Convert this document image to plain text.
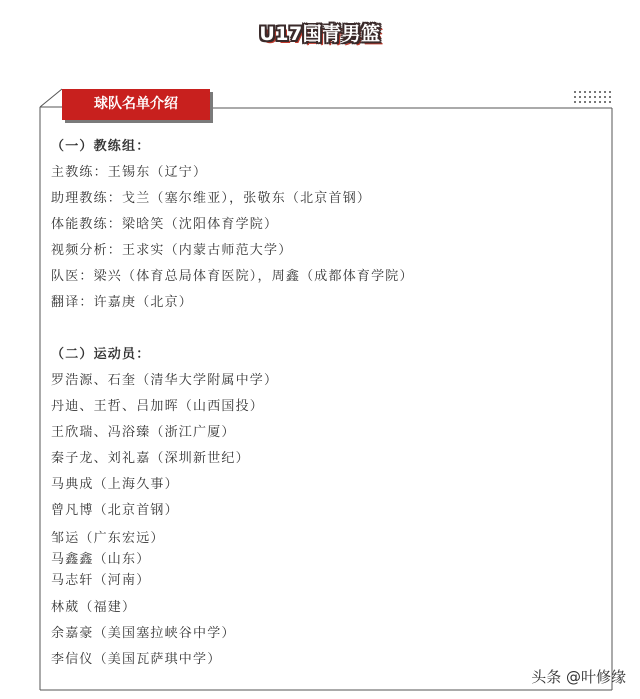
U17国青男篮
球队名单介绍
（一）教练组：
主教练：王锡东（辽宁）
助理教练：戈兰（塞尔维亚），张敬东（北京首钢）
体能教练：梁晗笑（沈阳体育学院）
视频分析：王求实（内蒙古师范大学）
队医：梁兴（体育总局体育医院），周鑫（成都体育学院）
翻译：许嘉庚（北京）
（二）运动员：
罗浩源、石奎（清华大学附属中学）
丹迪、王哲、吕加晖（山西国投）
王欣瑞、冯浴臻（浙江广厦）
秦子龙、刘礼嘉（深圳新世纪）
马典成（上海久事）
曾凡博（北京首钢）
邹运（广东宏远）
马鑫鑫（山东）
马志轩（河南）
林葳（福建）
余嘉豪（美国塞拉峡谷中学）
李信仪（美国瓦萨琪中学）
头条 @叶修缘
